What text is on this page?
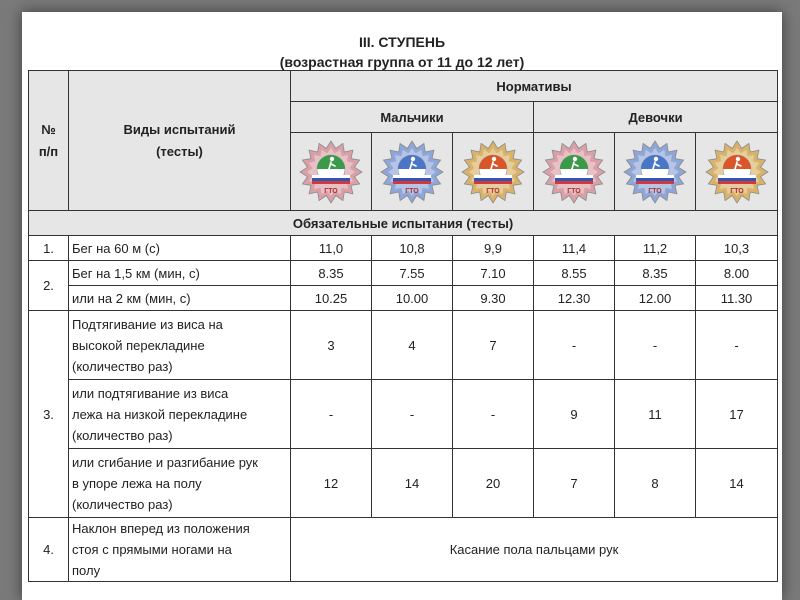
III. СТУПЕНЬ
(возрастная группа от 11 до 12 лет)
№
п/п	Виды испытаний
(тесты)	Нормативы					
		Мальчики			Девочки		

ГТО	ГТО	ГТО	ГТО	ГТО	ГТО

Обязательные испытания (тесты)							
1.	Бег на 60 м (с)	11,0	10,8	9,9	11,4	11,2	10,3
2.	Бег на 1,5 км (мин, с)	8.35	7.55	7.10	8.55	8.35	8.00
	или на 2 км (мин, с)	10.25	10.00	9.30	12.30	12.00	11.30
3.	Подтягивание из виса на
высокой перекладине
(количество раз)	3	4	7	-	-	-
	или подтягивание из виса
лежа на низкой перекладине
(количество раз)	-	-	-	9	11	17
	или сгибание и разгибание рук
в упоре лежа на полу
(количество раз)	12	14	20	7	8	14
4.	Наклон вперед из положения
стоя с прямыми ногами на
полу	Касание пола пальцами рук					
